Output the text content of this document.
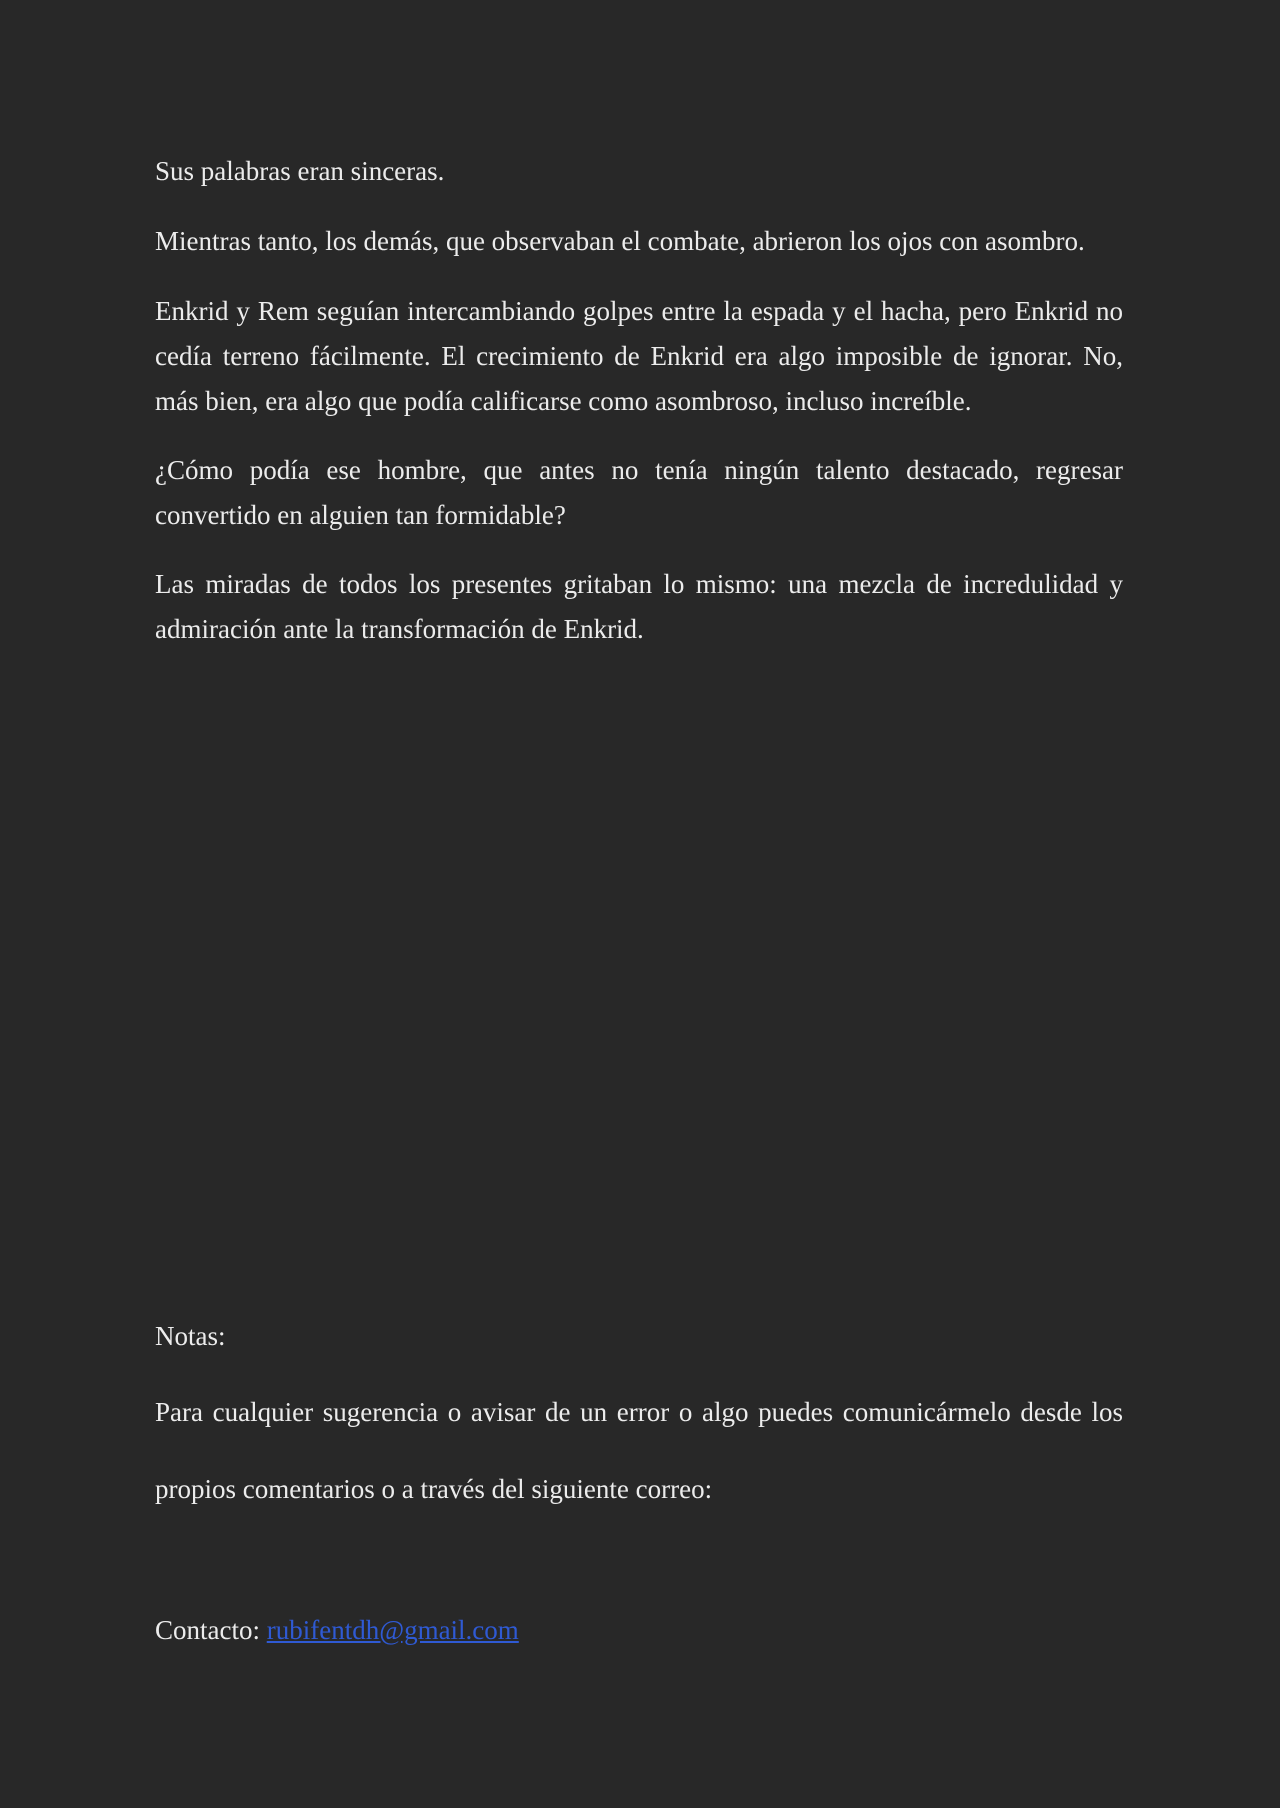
Sus palabras eran sinceras.

Mientras tanto, los demás, que observaban el combate, abrieron los ojos con asombro.

Enkrid y Rem seguían intercambiando golpes entre la espada y el hacha, pero Enkrid no cedía terreno fácilmente. El crecimiento de Enkrid era algo imposible de ignorar. No, más bien, era algo que podía calificarse como asombroso, incluso increíble.

¿Cómo podía ese hombre, que antes no tenía ningún talento destacado, regresar convertido en alguien tan formidable?

Las miradas de todos los presentes gritaban lo mismo: una mezcla de incredulidad y admiración ante la transformación de Enkrid.

Notas:

Para cualquier sugerencia o avisar de un error o algo puedes comunicármelo desde los

propios comentarios o a través del siguiente correo:

Contacto: rubifentdh@gmail.com
